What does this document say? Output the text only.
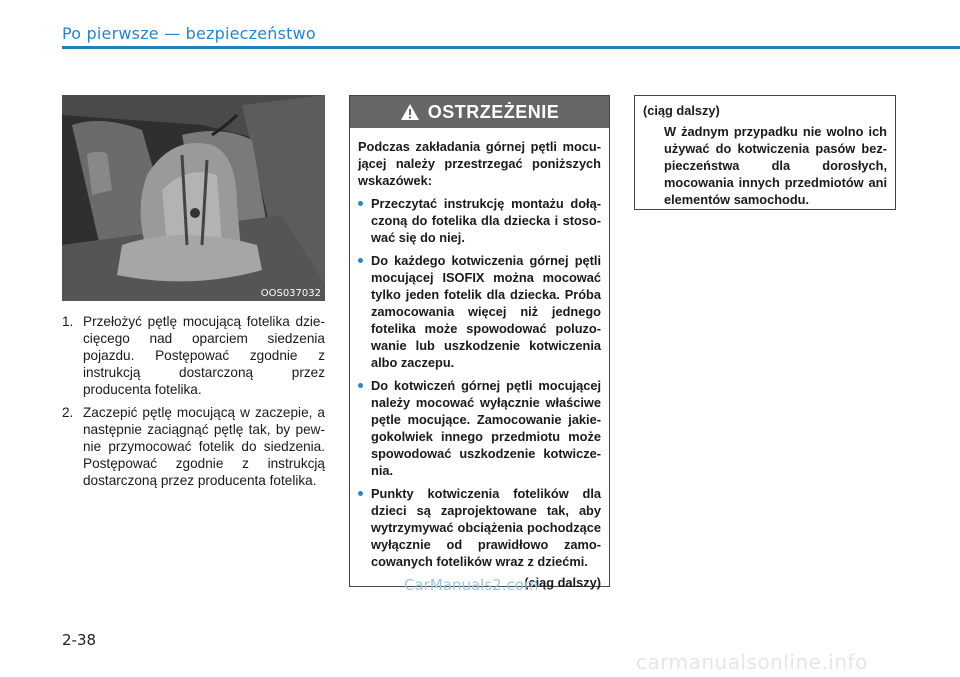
Po pierwsze — bezpieczeństwo
OOS037032
1. Przełożyć pętlę mocującą fotelika dziecięcego nad oparciem siedzenia pojazdu. Postępować zgodnie z instrukcją dostarczoną przez producenta fotelika.
2. Zaczepić pętlę mocującą w zaczepie, a następnie zaciągnąć pętlę tak, by pewnie przymocować fotelik do siedzenia. Postępować zgodnie z instrukcją dostarczoną przez producenta fotelika.
OSTRZEŻENIE

Podczas zakładania górnej pętli mocującej należy przestrzegać poniższych wskazówek:

Przeczytać instrukcję montażu dołączoną do fotelika dla dziecka i stosować się do niej.
Do każdego kotwiczenia górnej pętli mocującej ISOFIX można mocować tylko jeden fotelik dla dziecka. Próba zamocowania więcej niż jednego fotelika może spowodować poluzowanie lub uszkodzenie kotwiczenia albo zaczepu.
Do kotwiczeń górnej pętli mocującej należy mocować wyłącznie właściwe pętle mocujące. Zamocowanie jakiegokolwiek innego przedmiotu może spowodować uszkodzenie kotwiczenia.
Punkty kotwiczenia fotelików dla dzieci są zaprojektowane tak, aby wytrzymywać obciążenia pochodzące wyłącznie od prawidłowo zamocowanych fotelików wraz z dziećmi.
(ciąg dalszy)
(ciąg dalszy)

W żadnym przypadku nie wolno ich używać do kotwiczenia pasów bezpieczeństwa dla dorosłych, mocowania innych przedmiotów ani elementów samochodu.

CarManuals2.com
2-38
carmanualsonline.info
